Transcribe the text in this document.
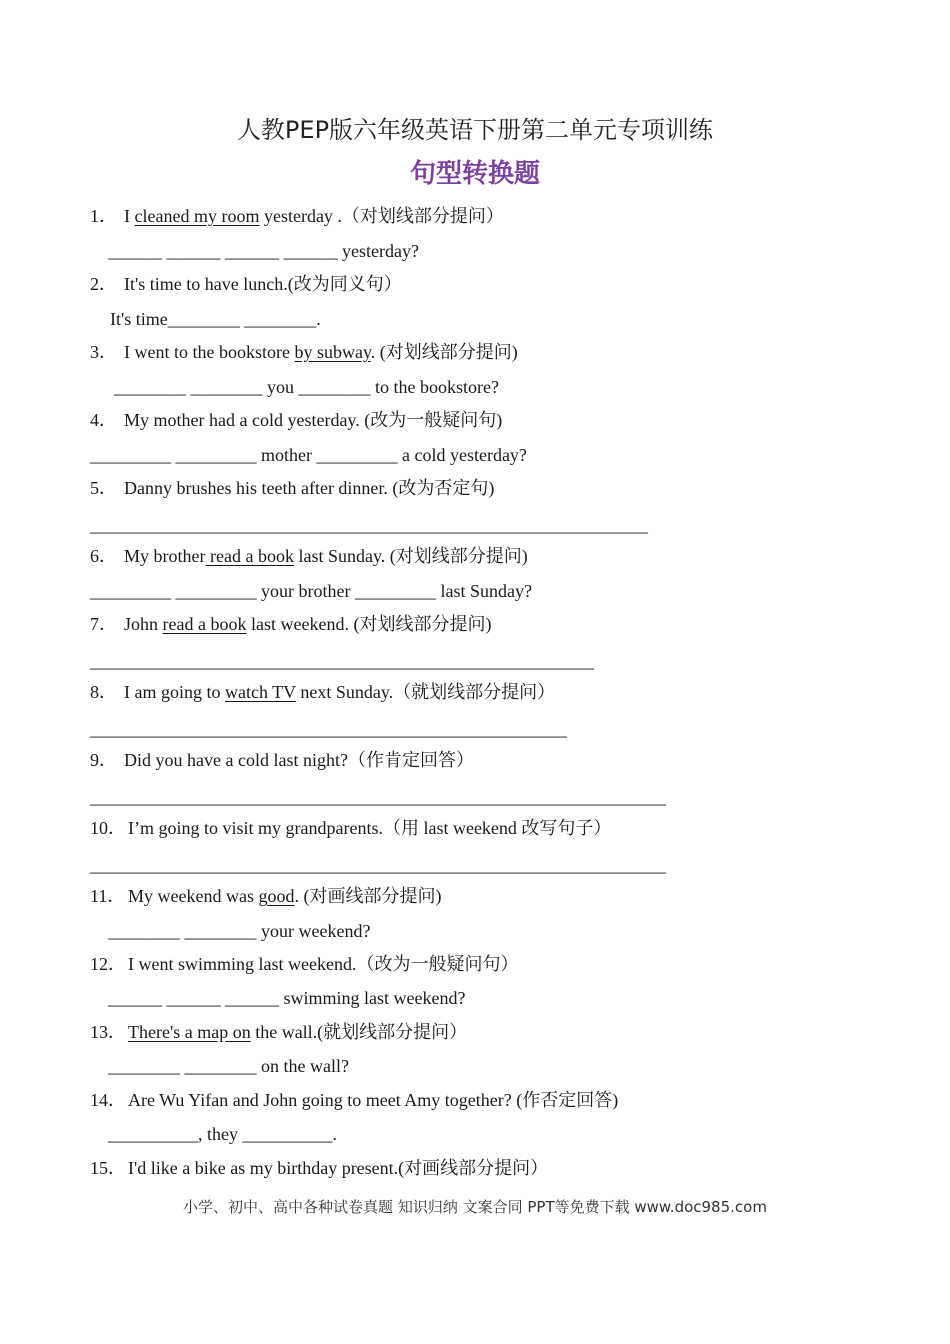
人教PEP版六年级英语下册第二单元专项训练
句型转换题
1． I cleaned my room yesterday .（对划线部分提问）
______ ______ ______ ______ yesterday?
2． It's time to have lunch.(改为同义句）
It's time________ ________.
3． I went to the bookstore by subway. (对划线部分提问)
________ ________ you ________ to the bookstore?
4． My mother had a cold yesterday. (改为一般疑问句)
_________ _________ mother _________ a cold yesterday?
5． Danny brushes his teeth after dinner. (改为否定句)
______________________________________________________________
6． My brother read a book last Sunday. (对划线部分提问)
_________ _________ your brother _________ last Sunday?
7． John read a book last weekend. (对划线部分提问)
________________________________________________________
8． I am going to watch TV next Sunday.（就划线部分提问）
_____________________________________________________
9． Did you have a cold last night?（作肯定回答）
________________________________________________________________
10． I’m going to visit my grandparents.（用 last weekend 改写句子）
________________________________________________________________
11． My weekend was good. (对画线部分提问)
________ ________ your weekend?
12． I went swimming last weekend.（改为一般疑问句）
______ ______ ______ swimming last weekend?
13． There's a map on the wall.(就划线部分提问）
________ ________ on the wall?
14． Are Wu Yifan and John going to meet Amy together? (作否定回答)
__________, they __________.
15． I'd like a bike as my birthday present.(对画线部分提问）
小学、初中、高中各种试卷真题 知识归纳 文案合同 PPT等免费下载 www.doc985.com
